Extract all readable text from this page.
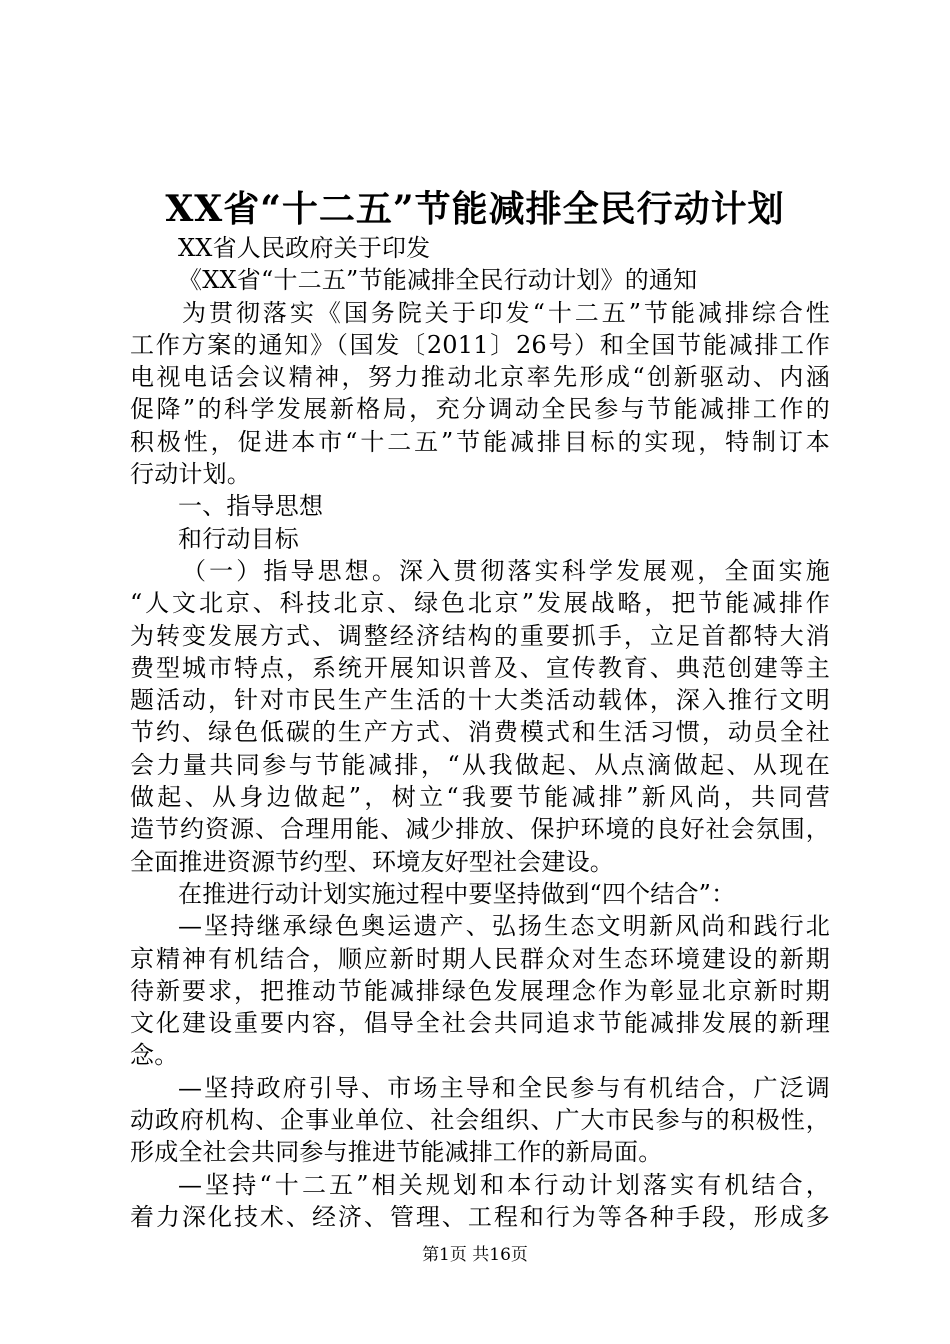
XX省“十二五”节能减排全民行动计划
XX省人民政府关于印发
《XX省“十二五”节能减排全民行动计划》的通知
为贯彻落实《国务院关于印发“十二五”节能减排综合性
工作方案的通知》（国发〔2011〕26号）和全国节能减排工作
电视电话会议精神，努力推动北京率先形成“创新驱动、内涵
促降”的科学发展新格局，充分调动全民参与节能减排工作的
积极性，促进本市“十二五”节能减排目标的实现，特制订本
行动计划。
一、指导思想
和行动目标
（一）指导思想。深入贯彻落实科学发展观，全面实施
“人文北京、科技北京、绿色北京”发展战略，把节能减排作
为转变发展方式、调整经济结构的重要抓手，立足首都特大消
费型城市特点，系统开展知识普及、宣传教育、典范创建等主
题活动，针对市民生产生活的十大类活动载体，深入推行文明
节约、绿色低碳的生产方式、消费模式和生活习惯，动员全社
会力量共同参与节能减排，“从我做起、从点滴做起、从现在
做起、从身边做起”，树立“我要节能减排”新风尚，共同营
造节约资源、合理用能、减少排放、保护环境的良好社会氛围，
全面推进资源节约型、环境友好型社会建设。
在推进行动计划实施过程中要坚持做到“四个结合”：
—坚持继承绿色奥运遗产、弘扬生态文明新风尚和践行北
京精神有机结合，顺应新时期人民群众对生态环境建设的新期
待新要求，把推动节能减排绿色发展理念作为彰显北京新时期
文化建设重要内容，倡导全社会共同追求节能减排发展的新理
念。
—坚持政府引导、市场主导和全民参与有机结合，广泛调
动政府机构、企事业单位、社会组织、广大市民参与的积极性，
形成全社会共同参与推进节能减排工作的新局面。
—坚持“十二五”相关规划和本行动计划落实有机结合，
着力深化技术、经济、管理、工程和行为等各种手段，形成多
第1页 共16页
